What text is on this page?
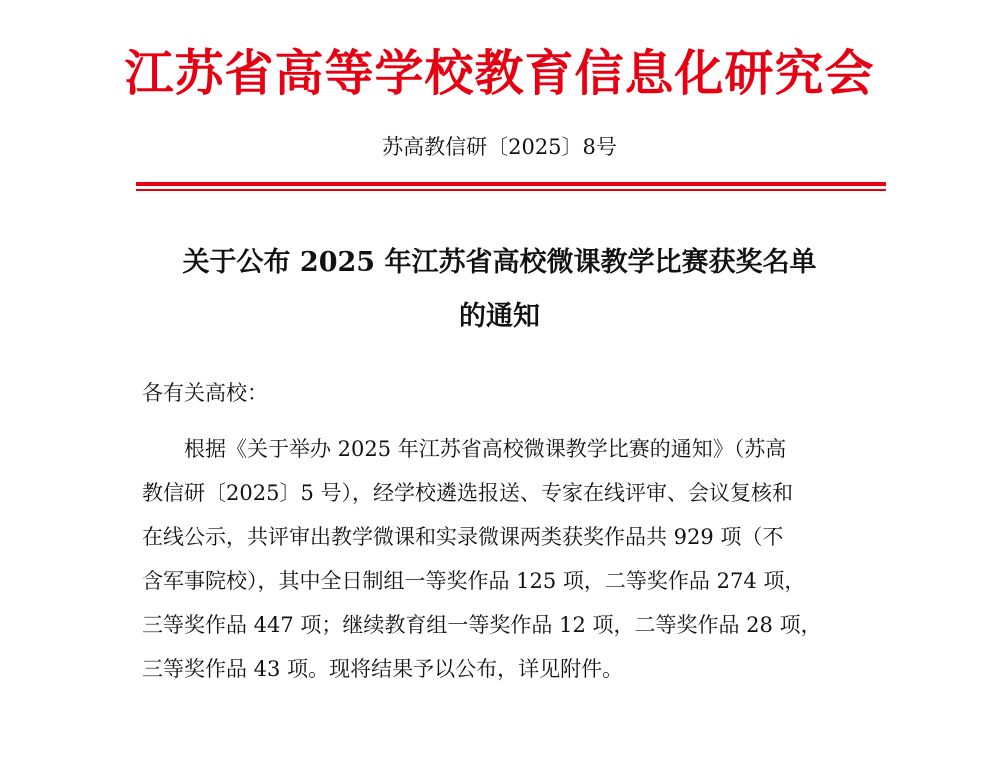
江苏省高等学校教育信息化研究会
苏高教信研〔2025〕8号
关于公布 2025 年江苏省高校微课教学比赛获奖名单
的通知
各有关高校：
根据《关于举办 2025 年江苏省高校微课教学比赛的通知》（苏高
教信研〔2025〕5 号），经学校遴选报送、专家在线评审、会议复核和
在线公示，共评审出教学微课和实录微课两类获奖作品共 929 项（不
含军事院校），其中全日制组一等奖作品 125 项，二等奖作品 274 项，
三等奖作品 447 项；继续教育组一等奖作品 12 项，二等奖作品 28 项，
三等奖作品 43 项。现将结果予以公布，详见附件。
